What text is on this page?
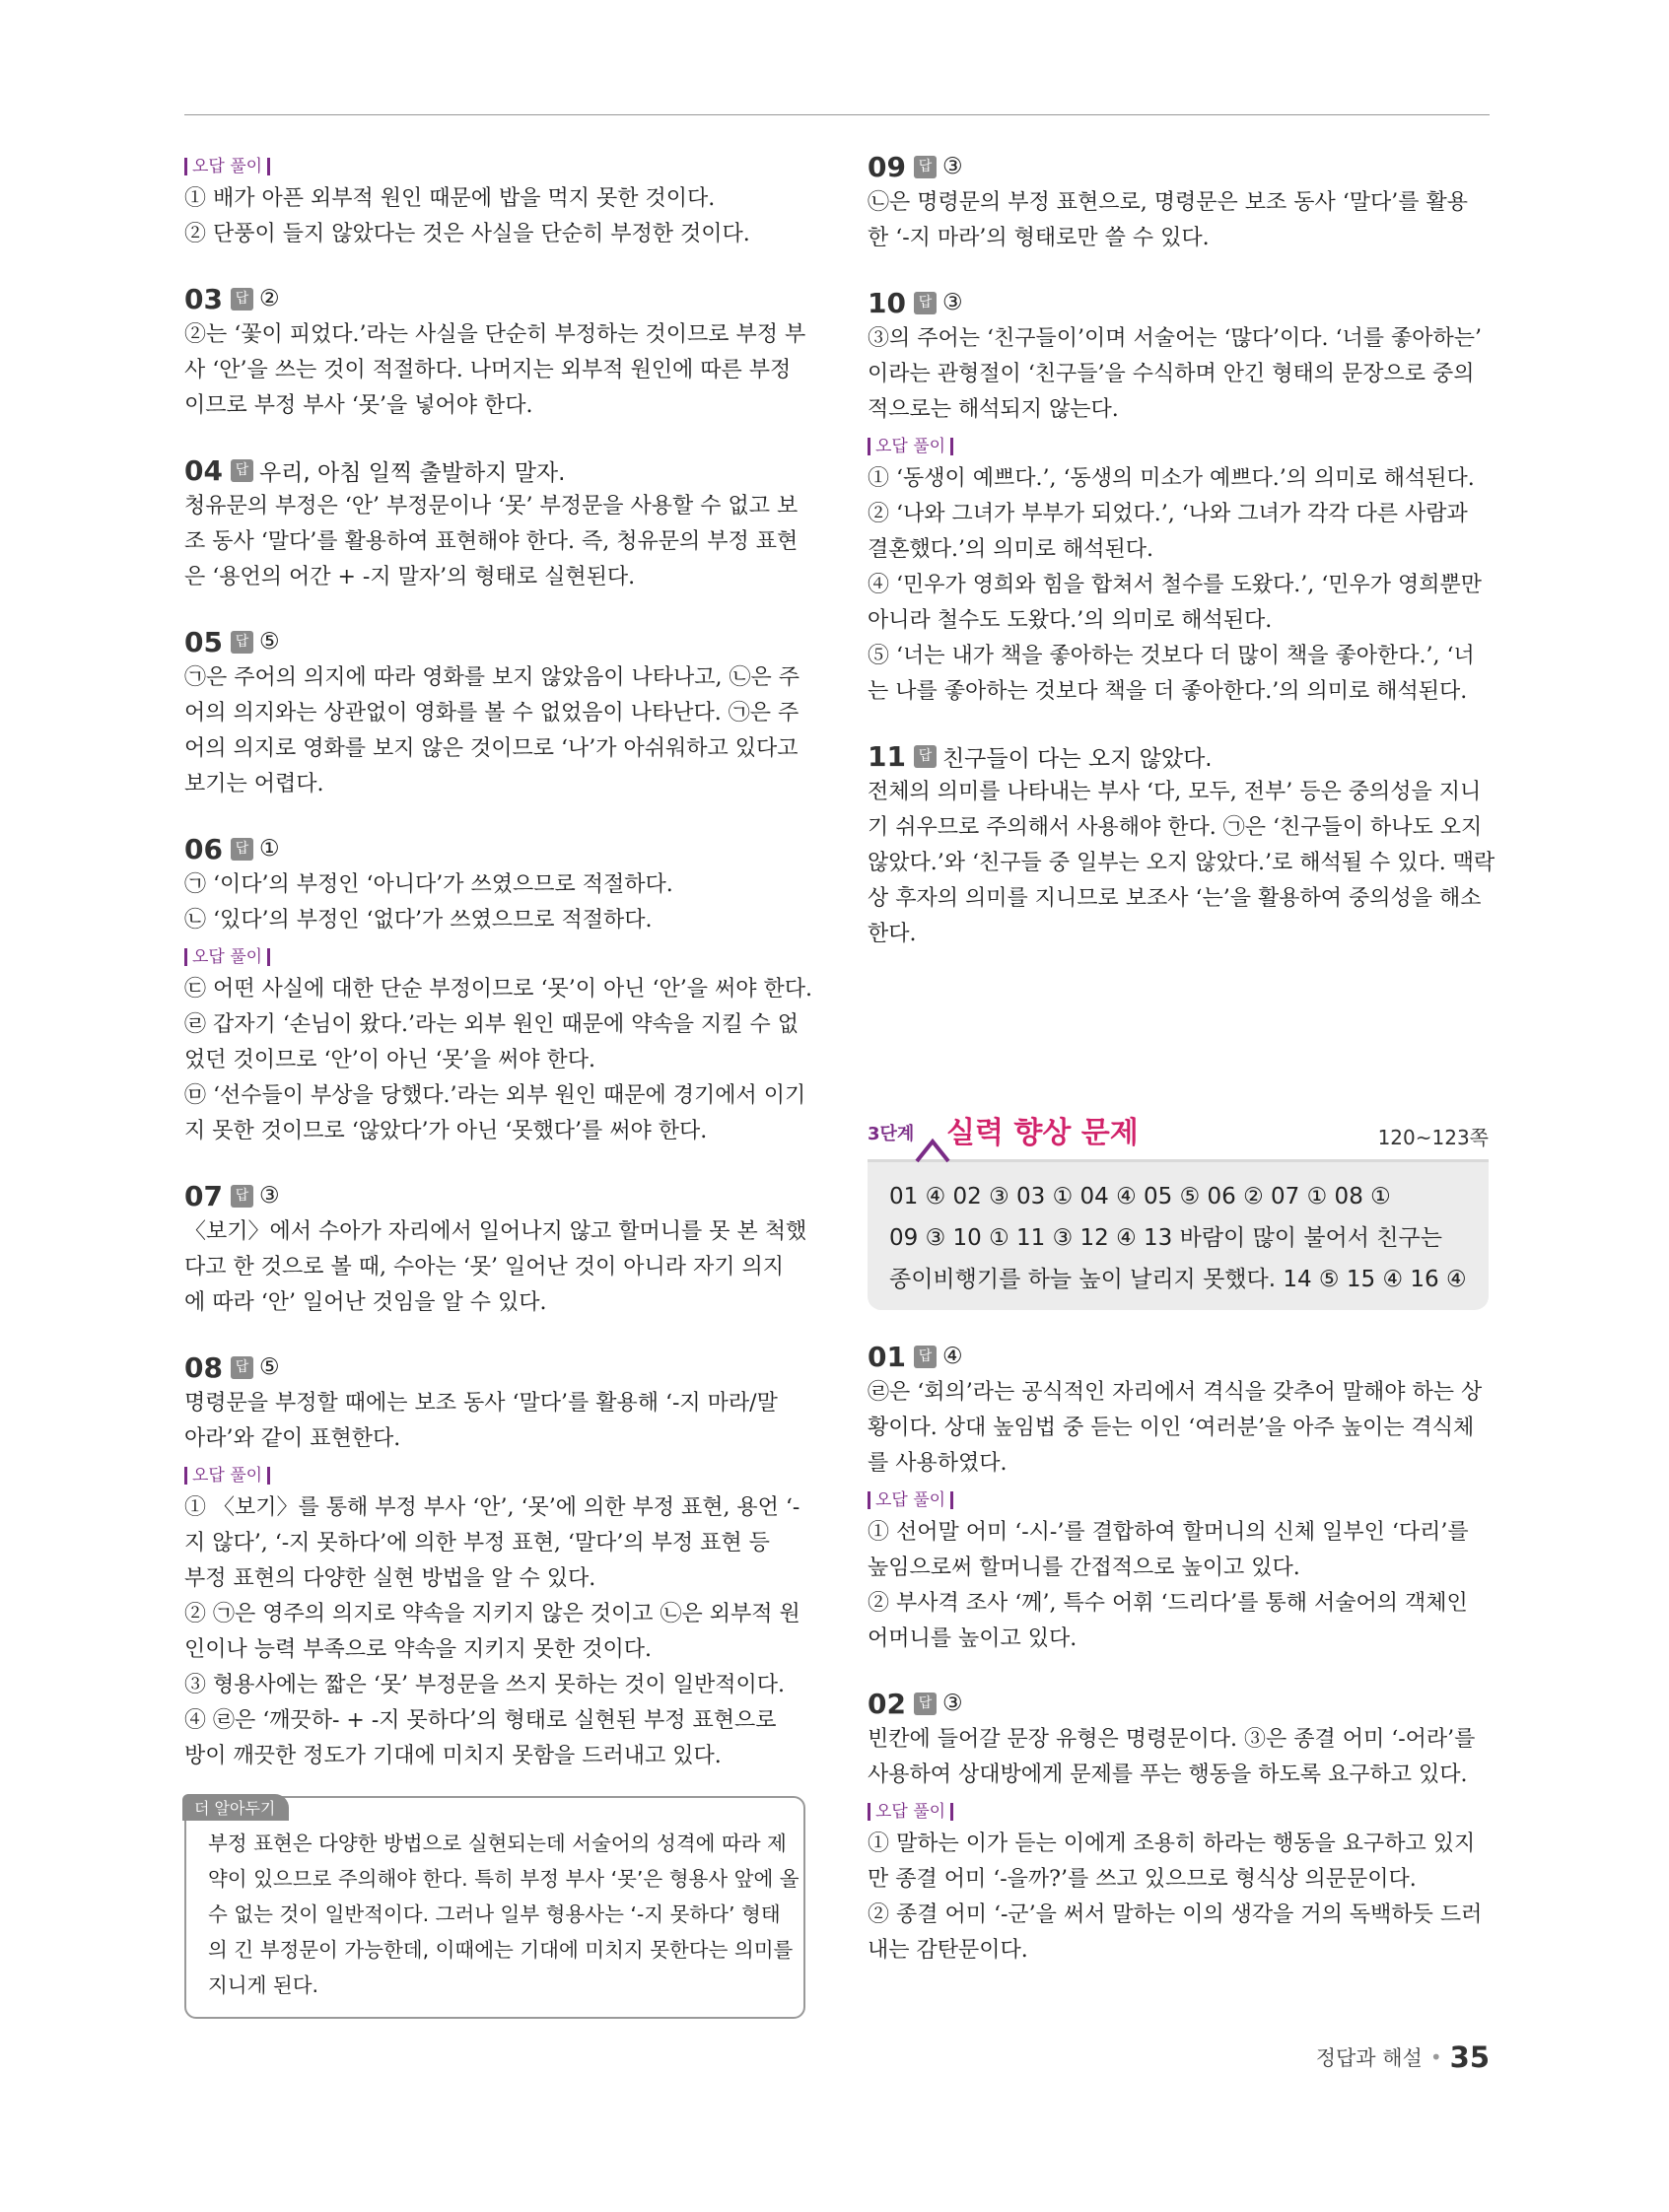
오답 풀이
① 배가 아픈 외부적 원인 때문에 밥을 먹지 못한 것이다.
② 단풍이 들지 않았다는 것은 사실을 단순히 부정한 것이다.
03 답 ②
②는 ‘꽃이 피었다.’라는 사실을 단순히 부정하는 것이므로 부정 부
사 ‘안’을 쓰는 것이 적절하다. 나머지는 외부적 원인에 따른 부정
이므로 부정 부사 ‘못’을 넣어야 한다.
04 답 우리, 아침 일찍 출발하지 말자.
청유문의 부정은 ‘안’ 부정문이나 ‘못’ 부정문을 사용할 수 없고 보
조 동사 ‘말다’를 활용하여 표현해야 한다. 즉, 청유문의 부정 표현
은 ‘용언의 어간 + -지 말자’의 형태로 실현된다.
05 답 ⑤
㉠은 주어의 의지에 따라 영화를 보지 않았음이 나타나고, ㉡은 주
어의 의지와는 상관없이 영화를 볼 수 없었음이 나타난다. ㉠은 주
어의 의지로 영화를 보지 않은 것이므로 ‘나’가 아쉬워하고 있다고
보기는 어렵다.
06 답 ①
㉠ ‘이다’의 부정인 ‘아니다’가 쓰였으므로 적절하다.
㉡ ‘있다’의 부정인 ‘없다’가 쓰였으므로 적절하다.
오답 풀이
㉢ 어떤 사실에 대한 단순 부정이므로 ‘못’이 아닌 ‘안’을 써야 한다.
㉣ 갑자기 ‘손님이 왔다.’라는 외부 원인 때문에 약속을 지킬 수 없
었던 것이므로 ‘안’이 아닌 ‘못’을 써야 한다.
㉤ ‘선수들이 부상을 당했다.’라는 외부 원인 때문에 경기에서 이기
지 못한 것이므로 ‘않았다’가 아닌 ‘못했다’를 써야 한다.
07 답 ③
〈보기〉에서 수아가 자리에서 일어나지 않고 할머니를 못 본 척했
다고 한 것으로 볼 때, 수아는 ‘못’ 일어난 것이 아니라 자기 의지
에 따라 ‘안’ 일어난 것임을 알 수 있다.
08 답 ⑤
명령문을 부정할 때에는 보조 동사 ‘말다’를 활용해 ‘-지 마라/말
아라’와 같이 표현한다.
오답 풀이
① 〈보기〉를 통해 부정 부사 ‘안’, ‘못’에 의한 부정 표현, 용언 ‘-
지 않다’, ‘-지 못하다’에 의한 부정 표현, ‘말다’의 부정 표현 등
부정 표현의 다양한 실현 방법을 알 수 있다.
② ㉠은 영주의 의지로 약속을 지키지 않은 것이고 ㉡은 외부적 원
인이나 능력 부족으로 약속을 지키지 못한 것이다.
③ 형용사에는 짧은 ‘못’ 부정문을 쓰지 못하는 것이 일반적이다.
④ ㉣은 ‘깨끗하- + -지 못하다’의 형태로 실현된 부정 표현으로
방이 깨끗한 정도가 기대에 미치지 못함을 드러내고 있다.
더 알아두기
부정 표현은 다양한 방법으로 실현되는데 서술어의 성격에 따라 제
약이 있으므로 주의해야 한다. 특히 부정 부사 ‘못’은 형용사 앞에 올
수 없는 것이 일반적이다. 그러나 일부 형용사는 ‘-지 못하다’ 형태
의 긴 부정문이 가능한데, 이때에는 기대에 미치지 못한다는 의미를
지니게 된다.
09 답 ③
㉡은 명령문의 부정 표현으로, 명령문은 보조 동사 ‘말다’를 활용
한 ‘-지 마라’의 형태로만 쓸 수 있다.
10 답 ③
③의 주어는 ‘친구들이’이며 서술어는 ‘많다’이다. ‘너를 좋아하는’
이라는 관형절이 ‘친구들’을 수식하며 안긴 형태의 문장으로 중의
적으로는 해석되지 않는다.
오답 풀이
① ‘동생이 예쁘다.’, ‘동생의 미소가 예쁘다.’의 의미로 해석된다.
② ‘나와 그녀가 부부가 되었다.’, ‘나와 그녀가 각각 다른 사람과
결혼했다.’의 의미로 해석된다.
④ ‘민우가 영희와 힘을 합쳐서 철수를 도왔다.’, ‘민우가 영희뿐만
아니라 철수도 도왔다.’의 의미로 해석된다.
⑤ ‘너는 내가 책을 좋아하는 것보다 더 많이 책을 좋아한다.’, ‘너
는 나를 좋아하는 것보다 책을 더 좋아한다.’의 의미로 해석된다.
11 답 친구들이 다는 오지 않았다.
전체의 의미를 나타내는 부사 ‘다, 모두, 전부’ 등은 중의성을 지니
기 쉬우므로 주의해서 사용해야 한다. ㉠은 ‘친구들이 하나도 오지
않았다.’와 ‘친구들 중 일부는 오지 않았다.’로 해석될 수 있다. 맥락
상 후자의 의미를 지니므로 보조사 ‘는’을 활용하여 중의성을 해소
한다.
3단계 실력 향상 문제	120~123쪽
01 ④ 02 ③ 03 ① 04 ④ 05 ⑤ 06 ② 07 ① 08 ①
09 ③ 10 ① 11 ③ 12 ④ 13 바람이 많이 불어서 친구는
종이비행기를 하늘 높이 날리지 못했다. 14 ⑤ 15 ④ 16 ④
01 답 ④
㉣은 ‘회의’라는 공식적인 자리에서 격식을 갖추어 말해야 하는 상
황이다. 상대 높임법 중 듣는 이인 ‘여러분’을 아주 높이는 격식체
를 사용하였다.
오답 풀이
① 선어말 어미 ‘-시-’를 결합하여 할머니의 신체 일부인 ‘다리’를
높임으로써 할머니를 간접적으로 높이고 있다.
② 부사격 조사 ‘께’, 특수 어휘 ‘드리다’를 통해 서술어의 객체인
어머니를 높이고 있다.
02 답 ③
빈칸에 들어갈 문장 유형은 명령문이다. ③은 종결 어미 ‘-어라’를
사용하여 상대방에게 문제를 푸는 행동을 하도록 요구하고 있다.
오답 풀이
① 말하는 이가 듣는 이에게 조용히 하라는 행동을 요구하고 있지
만 종결 어미 ‘-을까?’를 쓰고 있으므로 형식상 의문문이다.
② 종결 어미 ‘-군’을 써서 말하는 이의 생각을 거의 독백하듯 드러
내는 감탄문이다.
정답과 해설 • 35
